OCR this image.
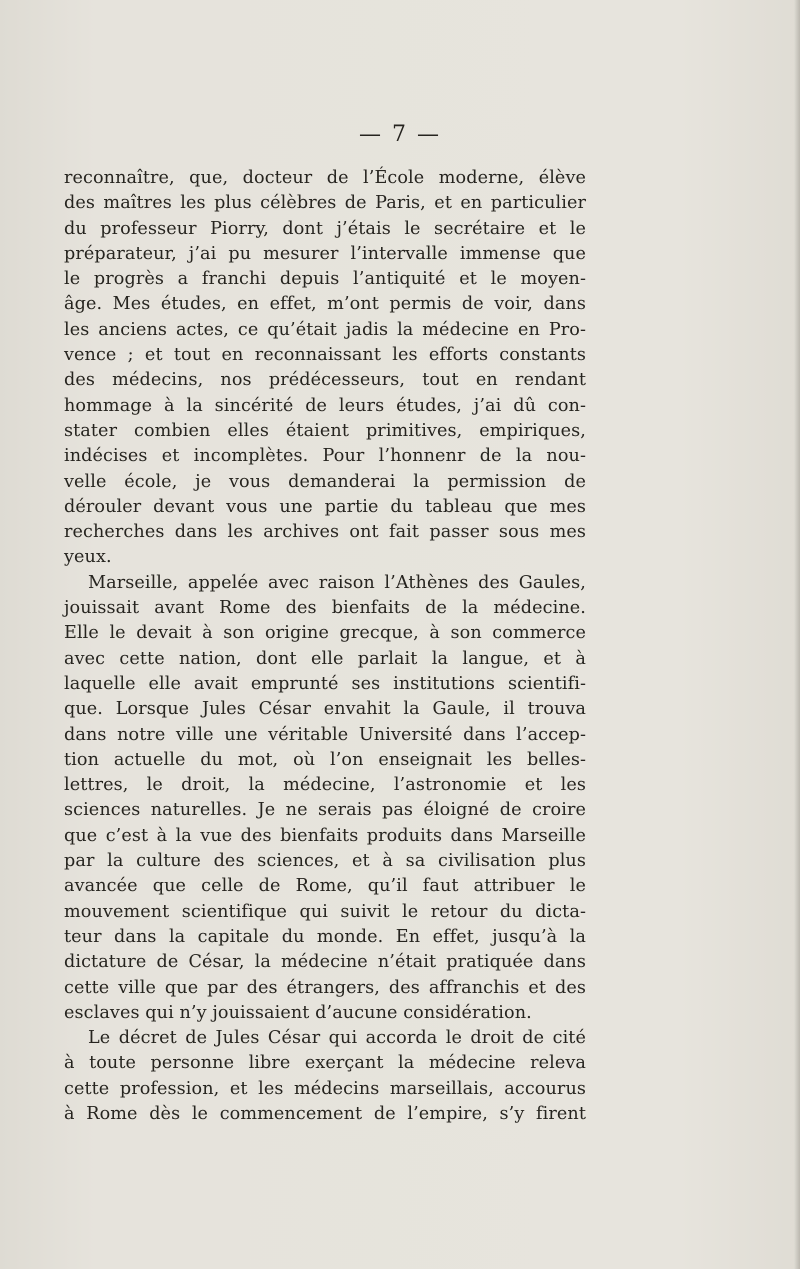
— 7 —
reconnaître, que, docteur de l’École moderne, élève
des maîtres les plus célèbres de Paris, et en particulier
du professeur Piorry, dont j’étais le secrétaire et le
préparateur, j’ai pu mesurer l’intervalle immense que
le progrès a franchi depuis l’antiquité et le moyen-
âge. Mes études, en effet, m’ont permis de voir, dans
les anciens actes, ce qu’était jadis la médecine en Pro-
vence ; et tout en reconnaissant les efforts constants
des médecins, nos prédécesseurs, tout en rendant
hommage à la sincérité de leurs études, j’ai dû con-
stater combien elles étaient primitives, empiriques,
indécises et incomplètes. Pour l’honnenr de la nou-
velle école, je vous demanderai la permission de
dérouler devant vous une partie du tableau que mes
recherches dans les archives ont fait passer sous mes
yeux.
Marseille, appelée avec raison l’Athènes des Gaules,
jouissait avant Rome des bienfaits de la médecine.
Elle le devait à son origine grecque, à son commerce
avec cette nation, dont elle parlait la langue, et à
laquelle elle avait emprunté ses institutions scientifi-
que. Lorsque Jules César envahit la Gaule, il trouva
dans notre ville une véritable Université dans l’accep-
tion actuelle du mot, où l’on enseignait les belles-
lettres, le droit, la médecine, l’astronomie et les
sciences naturelles. Je ne serais pas éloigné de croire
que c’est à la vue des bienfaits produits dans Marseille
par la culture des sciences, et à sa civilisation plus
avancée que celle de Rome, qu’il faut attribuer le
mouvement scientifique qui suivit le retour du dicta-
teur dans la capitale du monde. En effet, jusqu’à la
dictature de César, la médecine n’était pratiquée dans
cette ville que par des étrangers, des affranchis et des
esclaves qui n’y jouissaient d’aucune considération.
Le décret de Jules César qui accorda le droit de cité
à toute personne libre exerçant la médecine releva
cette profession, et les médecins marseillais, accourus
à Rome dès le commencement de l’empire, s’y firent
